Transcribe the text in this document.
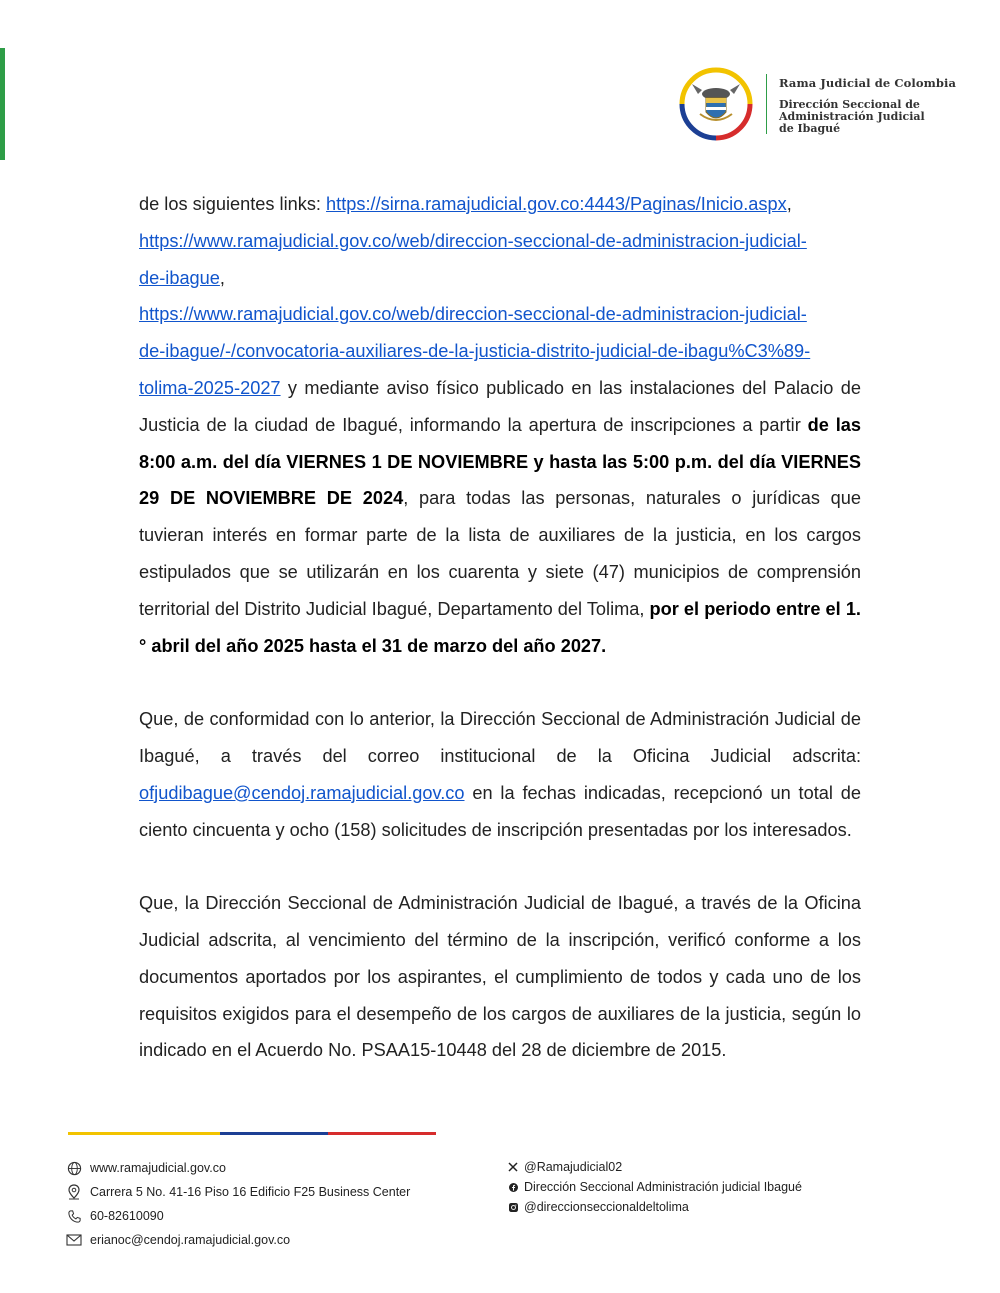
Rama Judicial de Colombia
Dirección Seccional de
Administración Judicial
de Ibagué

de los siguientes links: https://sirna.ramajudicial.gov.co:4443/Paginas/Inicio.aspx,
https://www.ramajudicial.gov.co/web/direccion-seccional-de-administracion-judicial-
de-ibague,
https://www.ramajudicial.gov.co/web/direccion-seccional-de-administracion-judicial-
de-ibague/-/convocatoria-auxiliares-de-la-justicia-distrito-judicial-de-ibagu%C3%89-
tolima-2025-2027 y mediante aviso físico publicado en las instalaciones del Palacio de Justicia de la ciudad de Ibagué, informando la apertura de inscripciones a partir de las 8:00 a.m. del día VIERNES 1 DE NOVIEMBRE y hasta las 5:00 p.m. del día VIERNES 29 DE NOVIEMBRE DE 2024, para todas las personas, naturales o jurídicas que tuvieran interés en formar parte de la lista de auxiliares de la justicia, en los cargos estipulados que se utilizarán en los cuarenta y siete (47) municipios de comprensión territorial del Distrito Judicial Ibagué, Departamento del Tolima, por el periodo entre el 1.° abril del año 2025 hasta el 31 de marzo del año 2027.

Que, de conformidad con lo anterior, la Dirección Seccional de Administración Judicial de Ibagué, a través del correo institucional de la Oficina Judicial adscrita: ofjudibague@cendoj.ramajudicial.gov.co en la fechas indicadas, recepcionó un total de ciento cincuenta y ocho (158) solicitudes de inscripción presentadas por los interesados.

Que, la Dirección Seccional de Administración Judicial de Ibagué, a través de la Oficina Judicial adscrita, al vencimiento del término de la inscripción, verificó conforme a los documentos aportados por los aspirantes, el cumplimiento de todos y cada uno de los requisitos exigidos para el desempeño de los cargos de auxiliares de la justicia, según lo indicado en el Acuerdo No. PSAA15-10448 del 28 de diciembre de 2015.

www.ramajudicial.gov.co
Carrera 5 No. 41-16 Piso 16 Edificio F25 Business Center
60-82610090
erianoc@cendoj.ramajudicial.gov.co
@Ramajudicial02
Dirección Seccional Administración judicial Ibagué
@direccionseccionaldeltolima
